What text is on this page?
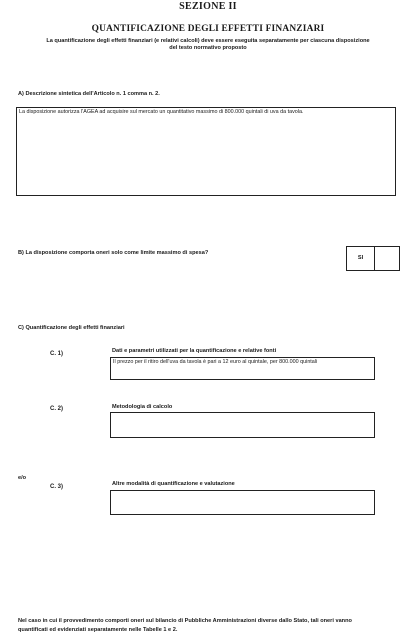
SEZIONE II
QUANTIFICAZIONE DEGLI EFFETTI FINANZIARI
La quantificazione degli effetti finanziari (e relativi calcoli) deve essere eseguita separatamente per ciascuna disposizione
del testo normativo proposto
A) Descrizione sintetica dell'Articolo n. 1 comma n. 2.
La disposizione autorizza l'AGEA ad acquisire sul mercato un quantitativo massimo di 800.000 quintali di uva da tavola.
B) La disposizione comporta oneri solo come limite massimo di spesa?
SI
C) Quantificazione degli effetti finanziari
C. 1)	Dati e parametri utilizzati per la quantificazione e relative fonti
Il prezzo per il ritiro dell'uva da tavola è pari a 12 euro al quintale, per 800.000 quintali
C. 2)	Metodologia di calcolo
e/o
C. 3)	Altre modalità di quantificazione e valutazione
Nel caso in cui il provvedimento comporti oneri sul bilancio di Pubbliche Amministrazioni diverse dallo Stato, tali oneri vanno
quantificati ed evidenziati separatamente nelle Tabelle 1 e 2.
